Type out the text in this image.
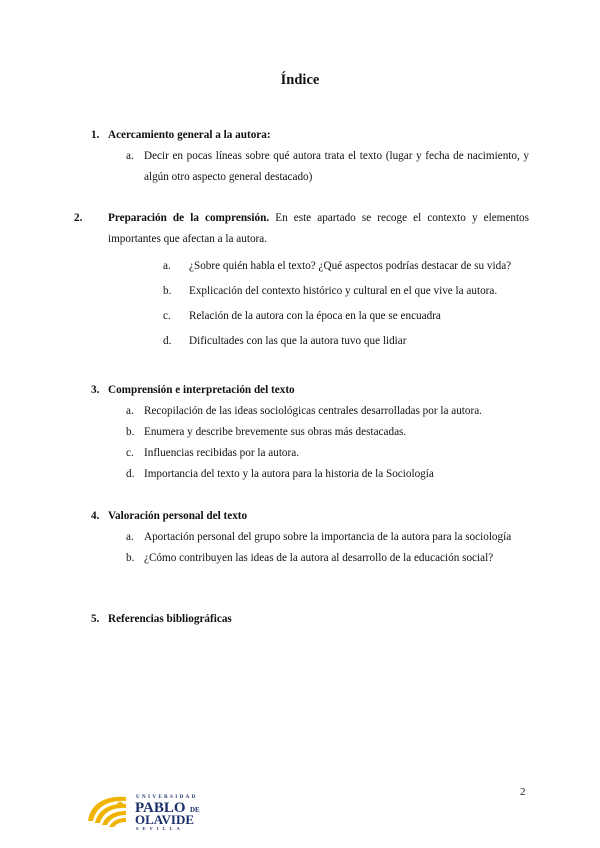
Índice
1. Acercamiento general a la autora:
a. Decir en pocas líneas sobre qué autora trata el texto (lugar y fecha de nacimiento, y algún otro aspecto general destacado)
2. Preparación de la comprensión. En este apartado se recoge el contexto y elementos importantes que afectan a la autora.
a. ¿Sobre quién habla el texto? ¿Qué aspectos podrías destacar de su vida?
b. Explicación del contexto histórico y cultural en el que vive la autora.
c. Relación de la autora con la época en la que se encuadra
d. Dificultades con las que la autora tuvo que lidiar
3. Comprensión e interpretación del texto
a. Recopilación de las ideas sociológicas centrales desarrolladas por la autora.
b. Enumera y describe brevemente sus obras más destacadas.
c. Influencias recibidas por la autora.
d. Importancia del texto y la autora para la historia de la Sociología
4. Valoración personal del texto
a. Aportación personal del grupo sobre la importancia de la autora para la sociología
b. ¿Cómo contribuyen las ideas de la autora al desarrollo de la educación social?
5. Referencias bibliográficas
2
UNIVERSIDAD
PABLO DE
OLAVIDE
SEVILLA
